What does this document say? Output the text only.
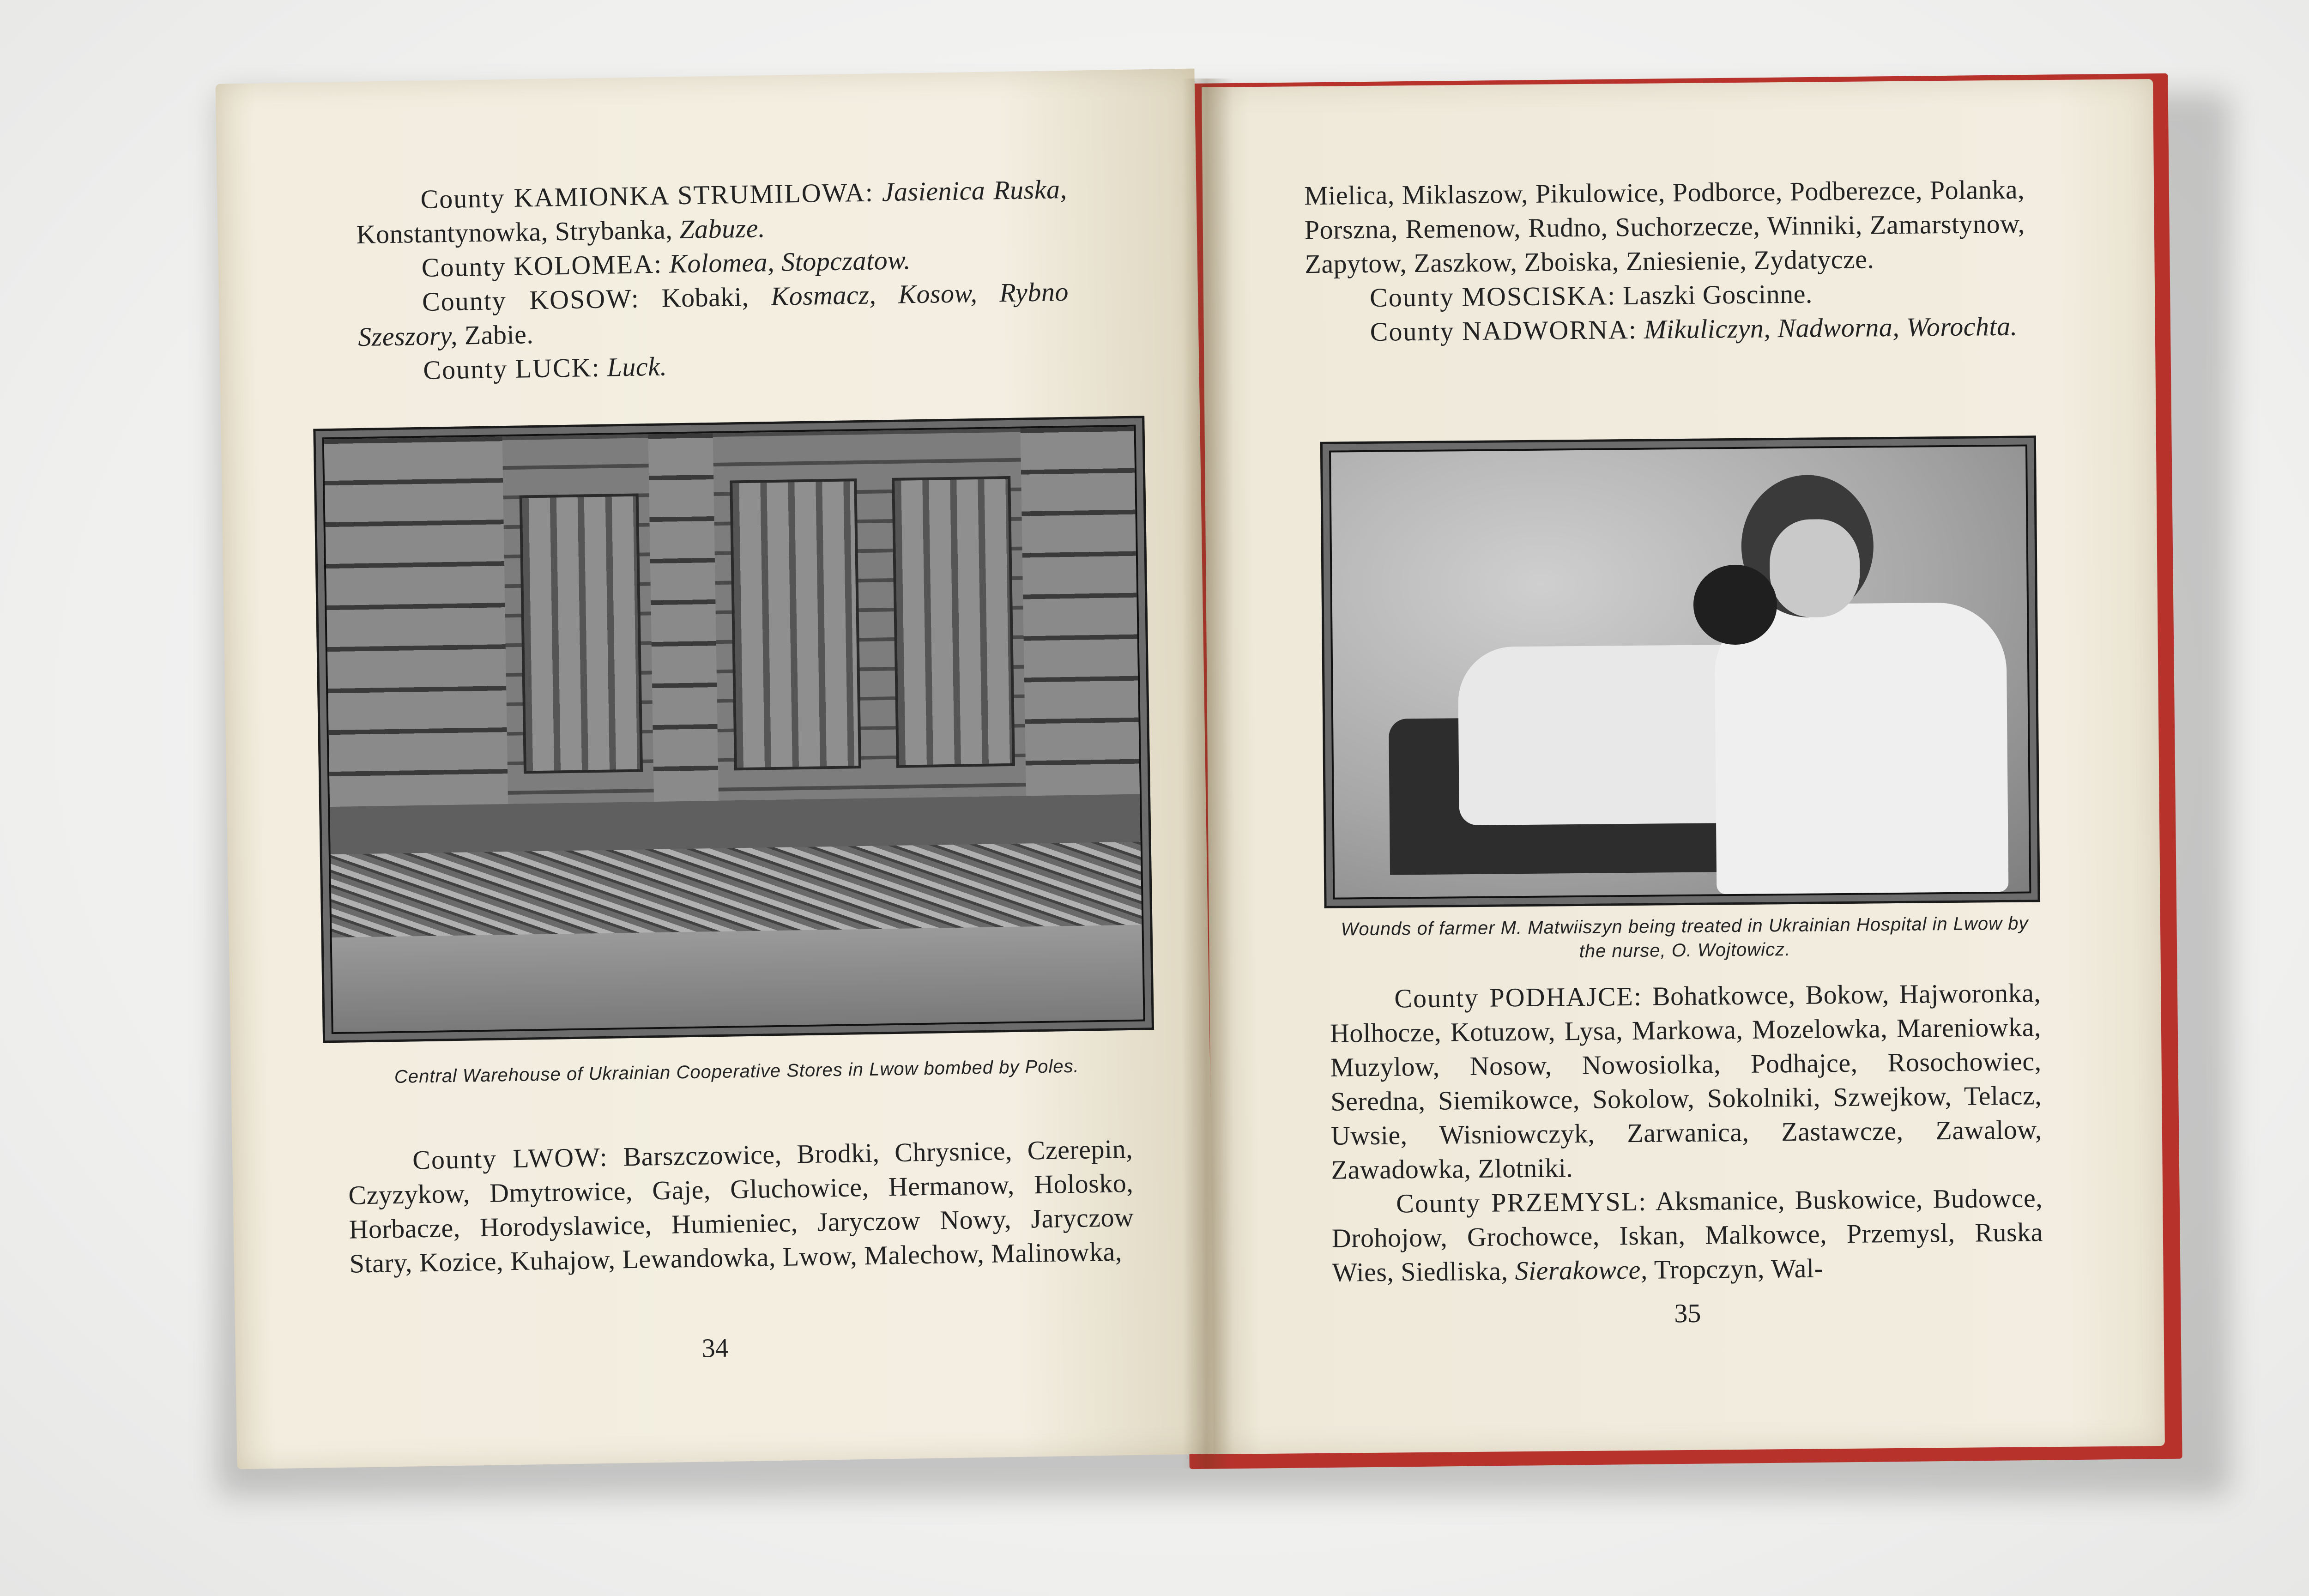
County KAMIONKA STRUMILOWA: Jasienica Ruska, Konstantynowka, Strybanka, Zabuze.

County KOLOMEA: Kolomea, Stopczatow.

County KOSOW: Kobaki, Kosmacz, Kosow, Rybno Szeszory, Zabie.

County LUCK: Luck.

Central Warehouse of Ukrainian Cooperative Stores in Lwow bombed by Poles.

County LWOW: Barszczowice, Brodki, Chrysnice, Czerepin, Czyzykow, Dmytrowice, Gaje, Gluchowice, Hermanow, Holosko, Horbacze, Horodyslawice, Humieniec, Jaryczow Nowy, Jaryczow Stary, Kozice, Kuhajow, Lewandowka, Lwow, Malechow, Malinowka,

34

Mielica, Miklaszow, Pikulowice, Podborce, Podberezce, Polanka, Porszna, Remenow, Rudno, Suchorzecze, Winniki, Zamarstynow, Zapytow, Zaszkow, Zboiska, Zniesienie, Zydatycze.

County MOSCISKA: Laszki Goscinne.

County NADWORNA: Mikuliczyn, Nadworna, Worochta.

Wounds of farmer M. Matwiiszyn being treated in Ukrainian Hospital in Lwow by the nurse, O. Wojtowicz.

County PODHAJCE: Bohatkowce, Bokow, Hajworonka, Holhocze, Kotuzow, Lysa, Markowa, Mozelowka, Mareniowka, Muzylow, Nosow, Nowosiolka, Podhajce, Rosochowiec, Seredna, Siemikowce, Sokolow, Sokolniki, Szwejkow, Telacz, Uwsie, Wisniowczyk, Zarwanica, Zastawcze, Zawalow, Zawadowka, Zlotniki.

County PRZEMYSL: Aksmanice, Buskowice, Budowce, Drohojow, Grochowce, Iskan, Malkowce, Przemysl, Ruska Wies, Siedliska, Sierakowce, Tropczyn, Wal-

35
